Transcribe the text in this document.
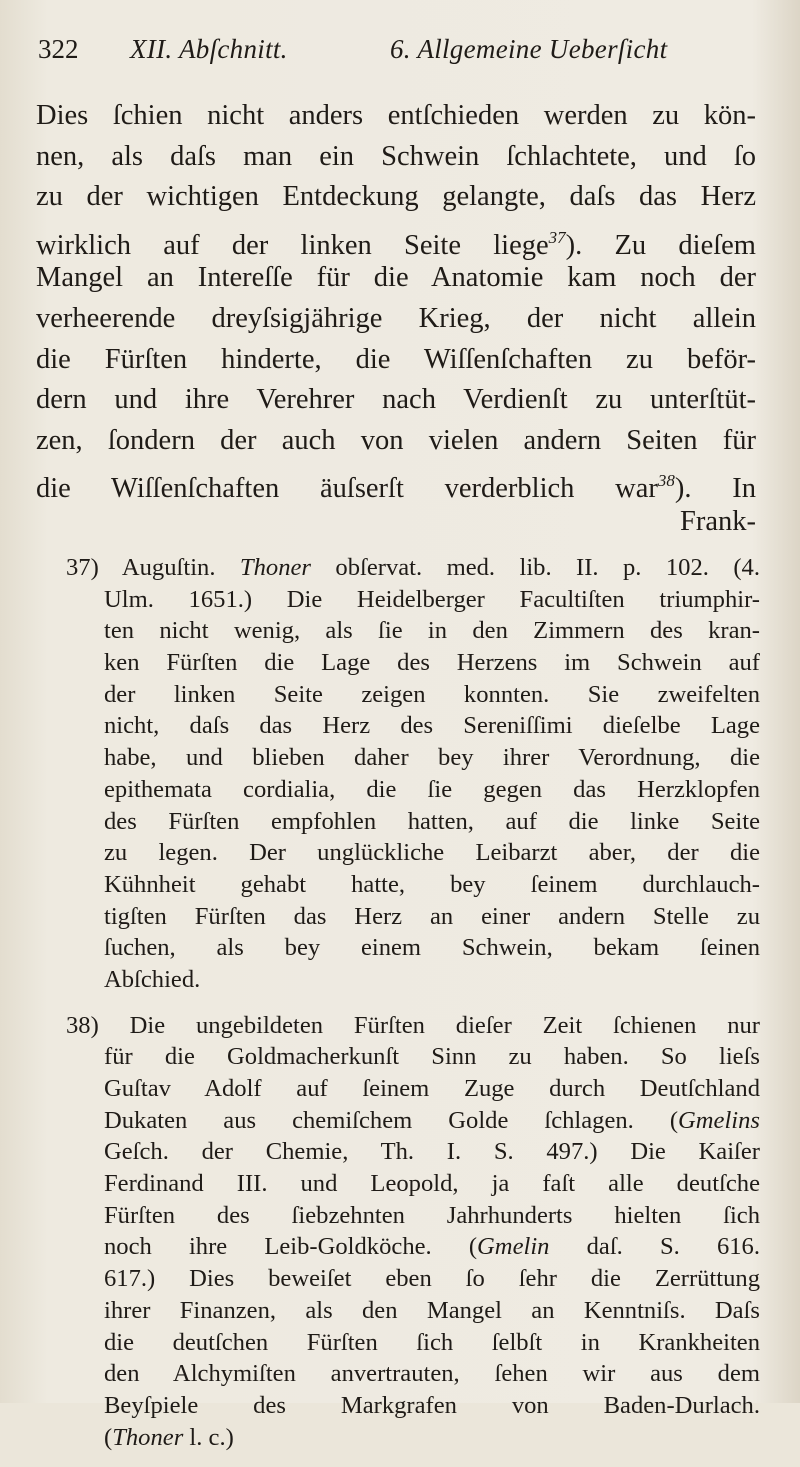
322 XII. Abſchnitt.	6. Allgemeine Ueberſicht
Dies ſchien nicht anders entſchieden werden zu kön-
nen, als daſs man ein Schwein ſchlachtete, und ſo
zu der wichtigen Entdeckung gelangte, daſs das Herz
wirklich auf der linken Seite liege$^{37}$). Zu dieſem
Mangel an Intereſſe für die Anatomie kam noch der
verheerende dreyſsigjährige Krieg, der nicht allein
die Fürſten hinderte, die Wiſſenſchaften zu beför-
dern und ihre Verehrer nach Verdienſt zu unterſtüt-
zen, ſondern der auch von vielen andern Seiten für
die Wiſſenſchaften äuſserſt verderblich war$^{38}$). In
Frank-
37) Auguſtin. Thoner obſervat. med. lib. II. p. 102. (4.
Ulm. 1651.) Die Heidelberger Facultiſten triumphir-
ten nicht wenig, als ſie in den Zimmern des kran-
ken Fürſten die Lage des Herzens im Schwein auf
der linken Seite zeigen konnten. Sie zweifelten
nicht, daſs das Herz des Sereniſſimi dieſelbe Lage
habe, und blieben daher bey ihrer Verordnung, die
epithemata cordialia, die ſie gegen das Herzklopfen
des Fürſten empfohlen hatten, auf die linke Seite
zu legen. Der unglückliche Leibarzt aber, der die
Kühnheit gehabt hatte, bey ſeinem durchlauch-
tigſten Fürſten das Herz an einer andern Stelle zu
ſuchen, als bey einem Schwein, bekam ſeinen
Abſchied.
38) Die ungebildeten Fürſten dieſer Zeit ſchienen nur
für die Goldmacherkunſt Sinn zu haben. So lieſs
Guſtav Adolf auf ſeinem Zuge durch Deutſchland
Dukaten aus chemiſchem Golde ſchlagen. (Gmelins
Geſch. der Chemie, Th. I. S. 497.) Die Kaiſer
Ferdinand III. und Leopold, ja faſt alle deutſche
Fürſten des ſiebzehnten Jahrhunderts hielten ſich
noch ihre Leib-Goldköche. (Gmelin daſ. S. 616.
617.) Dies beweiſet eben ſo ſehr die Zerrüttung
ihrer Finanzen, als den Mangel an Kenntniſs. Daſs
die deutſchen Fürſten ſich ſelbſt in Krankheiten
den Alchymiſten anvertrauten, ſehen wir aus dem
Beyſpiele des Markgrafen von Baden-Durlach.
(Thoner l. c.)
